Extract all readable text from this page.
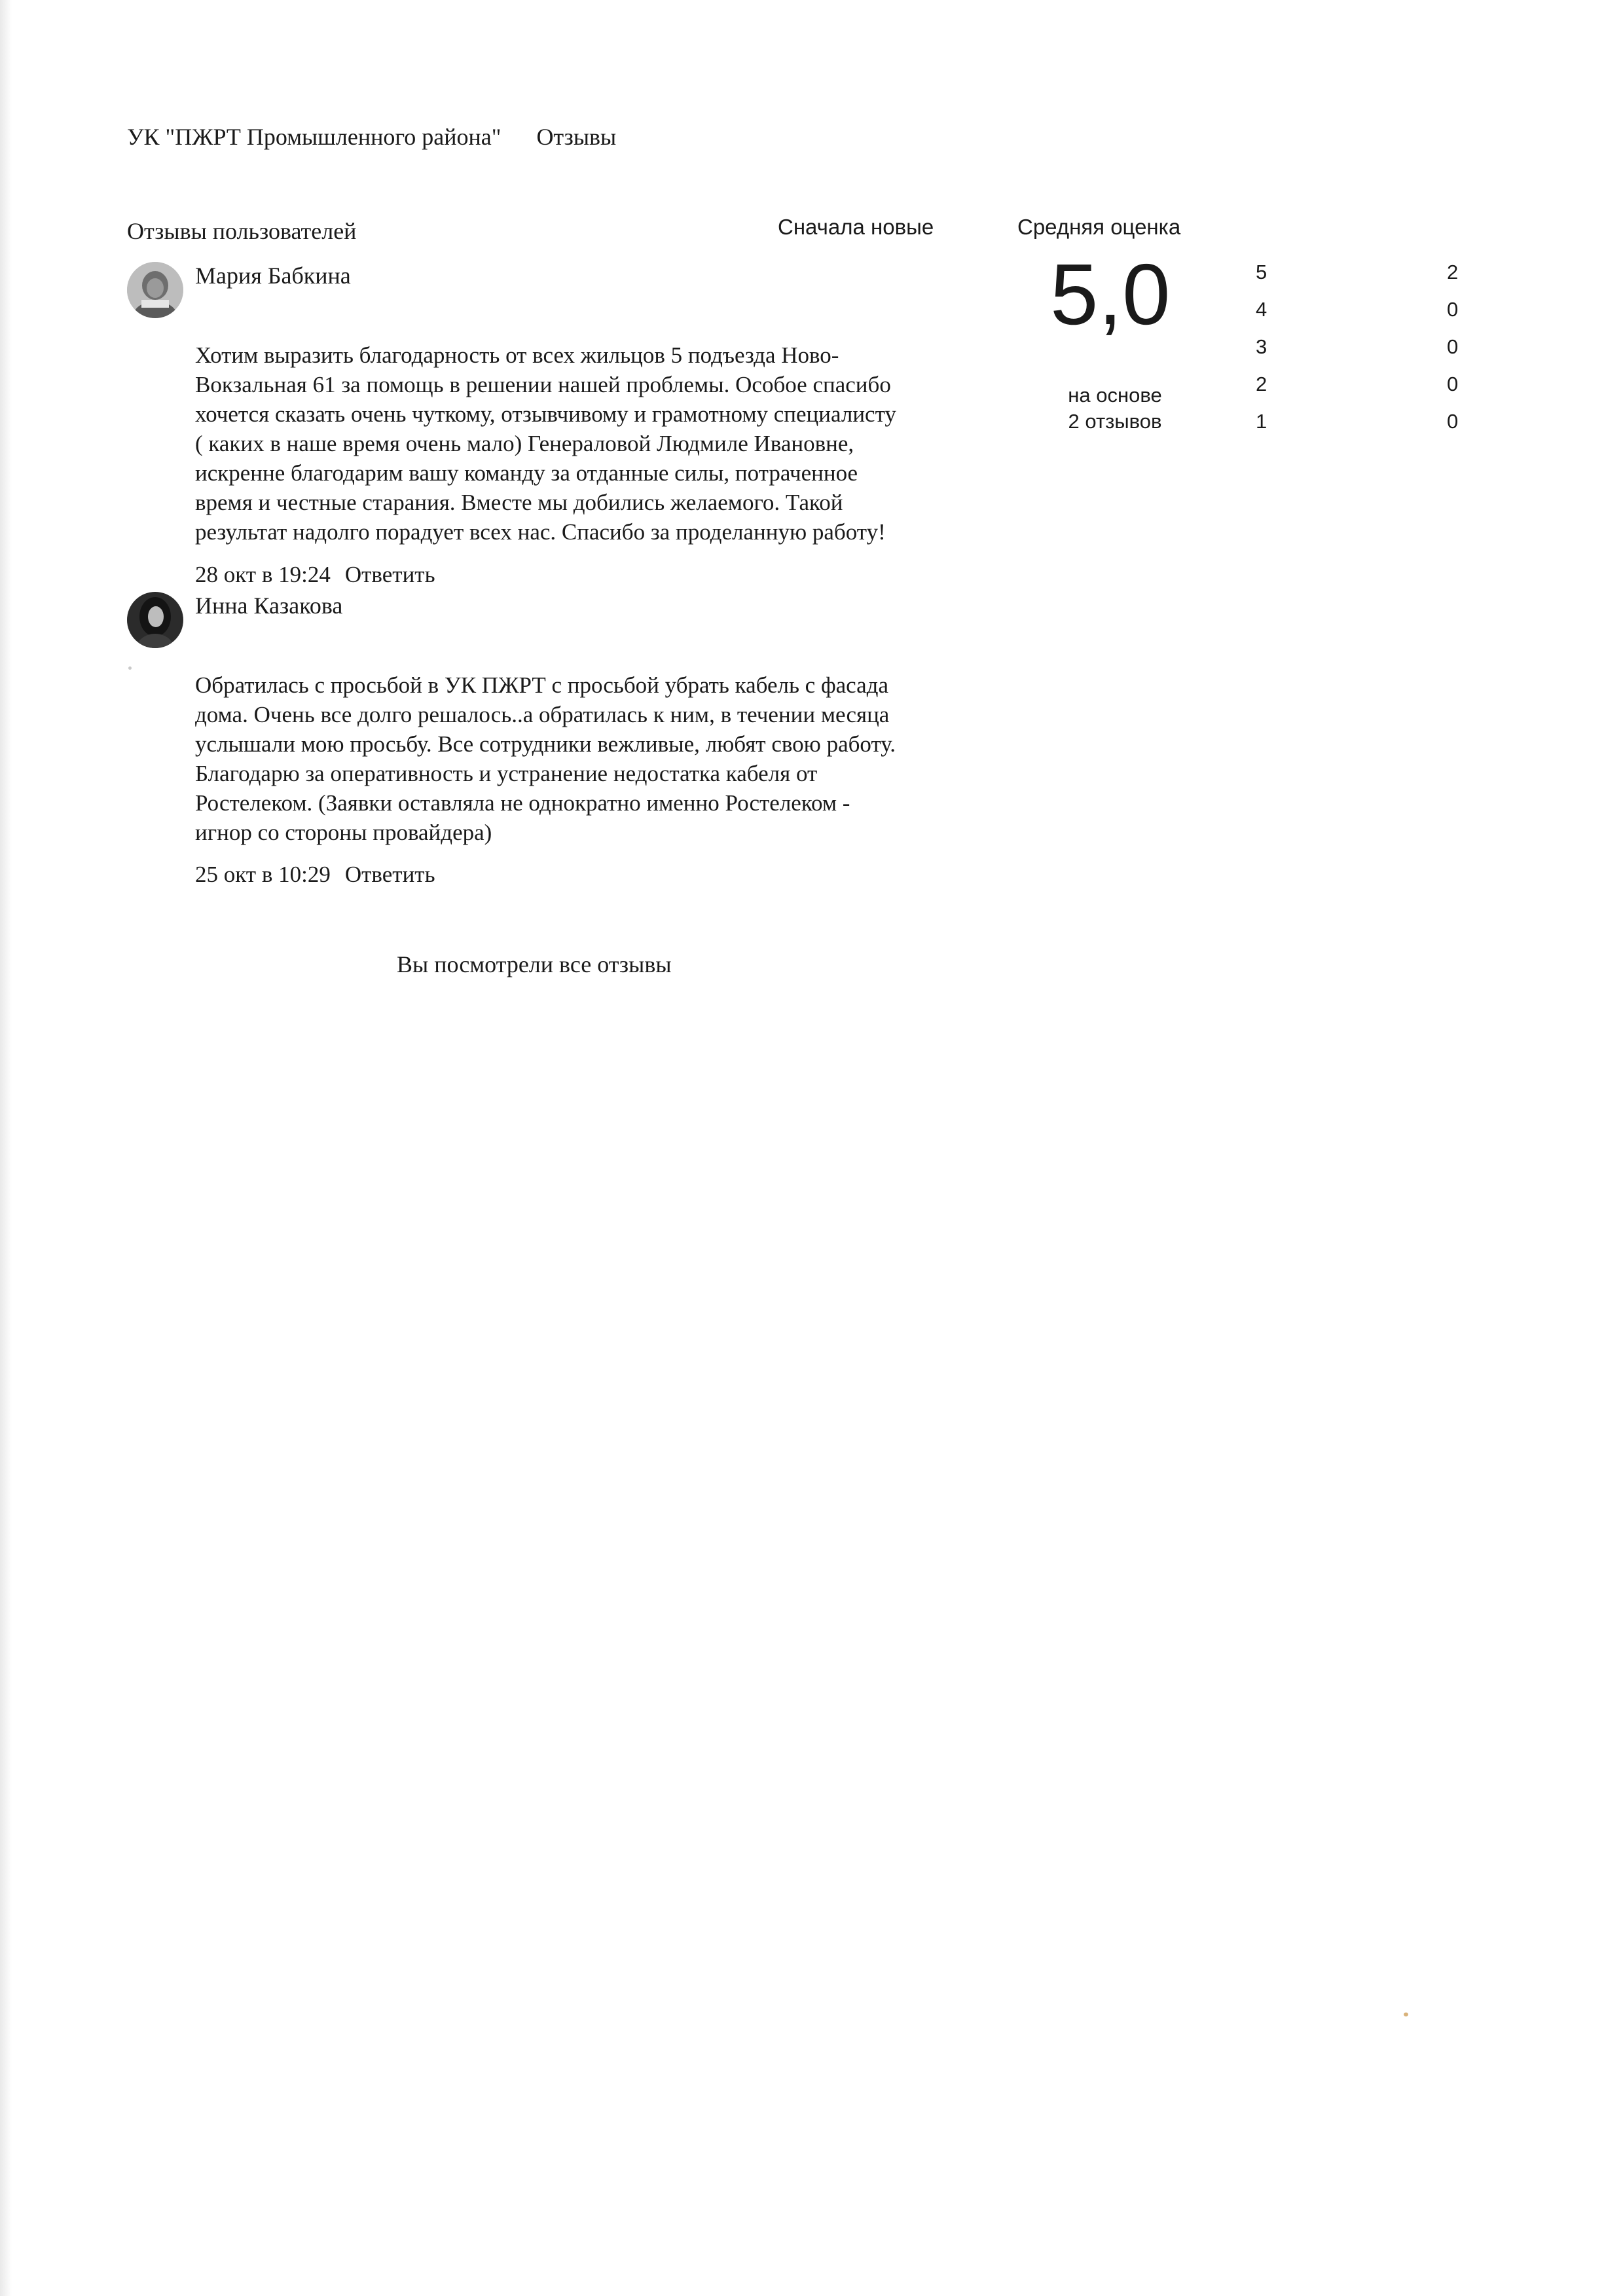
УК "ПЖРТ Промышленного района" Отзывы
Отзывы пользователей	Сначала новые
Мария Бабкина

Хотим выразить благодарность от всех жильцов 5 подъезда Ново-

Вокзальная 61 за помощь в решении нашей проблемы. Особое спасибо

хочется сказать очень чуткому, отзывчивому и грамотному специалисту

( каких в наше время очень мало) Генераловой Людмиле Ивановне,

искренне благодарим вашу команду за отданные силы, потраченное

время и честные старания. Вместе мы добились желаемого. Такой

результат надолго порадует всех нас. Спасибо за проделанную работу!

28 окт в 19:24 Ответить
Инна Казакова

Обратилась с просьбой в УК ПЖРТ с просьбой убрать кабель с фасада

дома. Очень все долго решалось..а обратилась к ним, в течении месяца

услышали мою просьбу. Все сотрудники вежливые, любят свою работу.

Благодарю за оперативность и устранение недостатка кабеля от

Ростелеком. (Заявки оставляла не однократно именно Ростелеком -

игнор со стороны провайдера)

25 окт в 10:29 Ответить
Вы посмотрели все отзывы
Средняя оценка
5,0
на основе
2 отзывов
5	2
4	0
3	0
2	0
1	0
